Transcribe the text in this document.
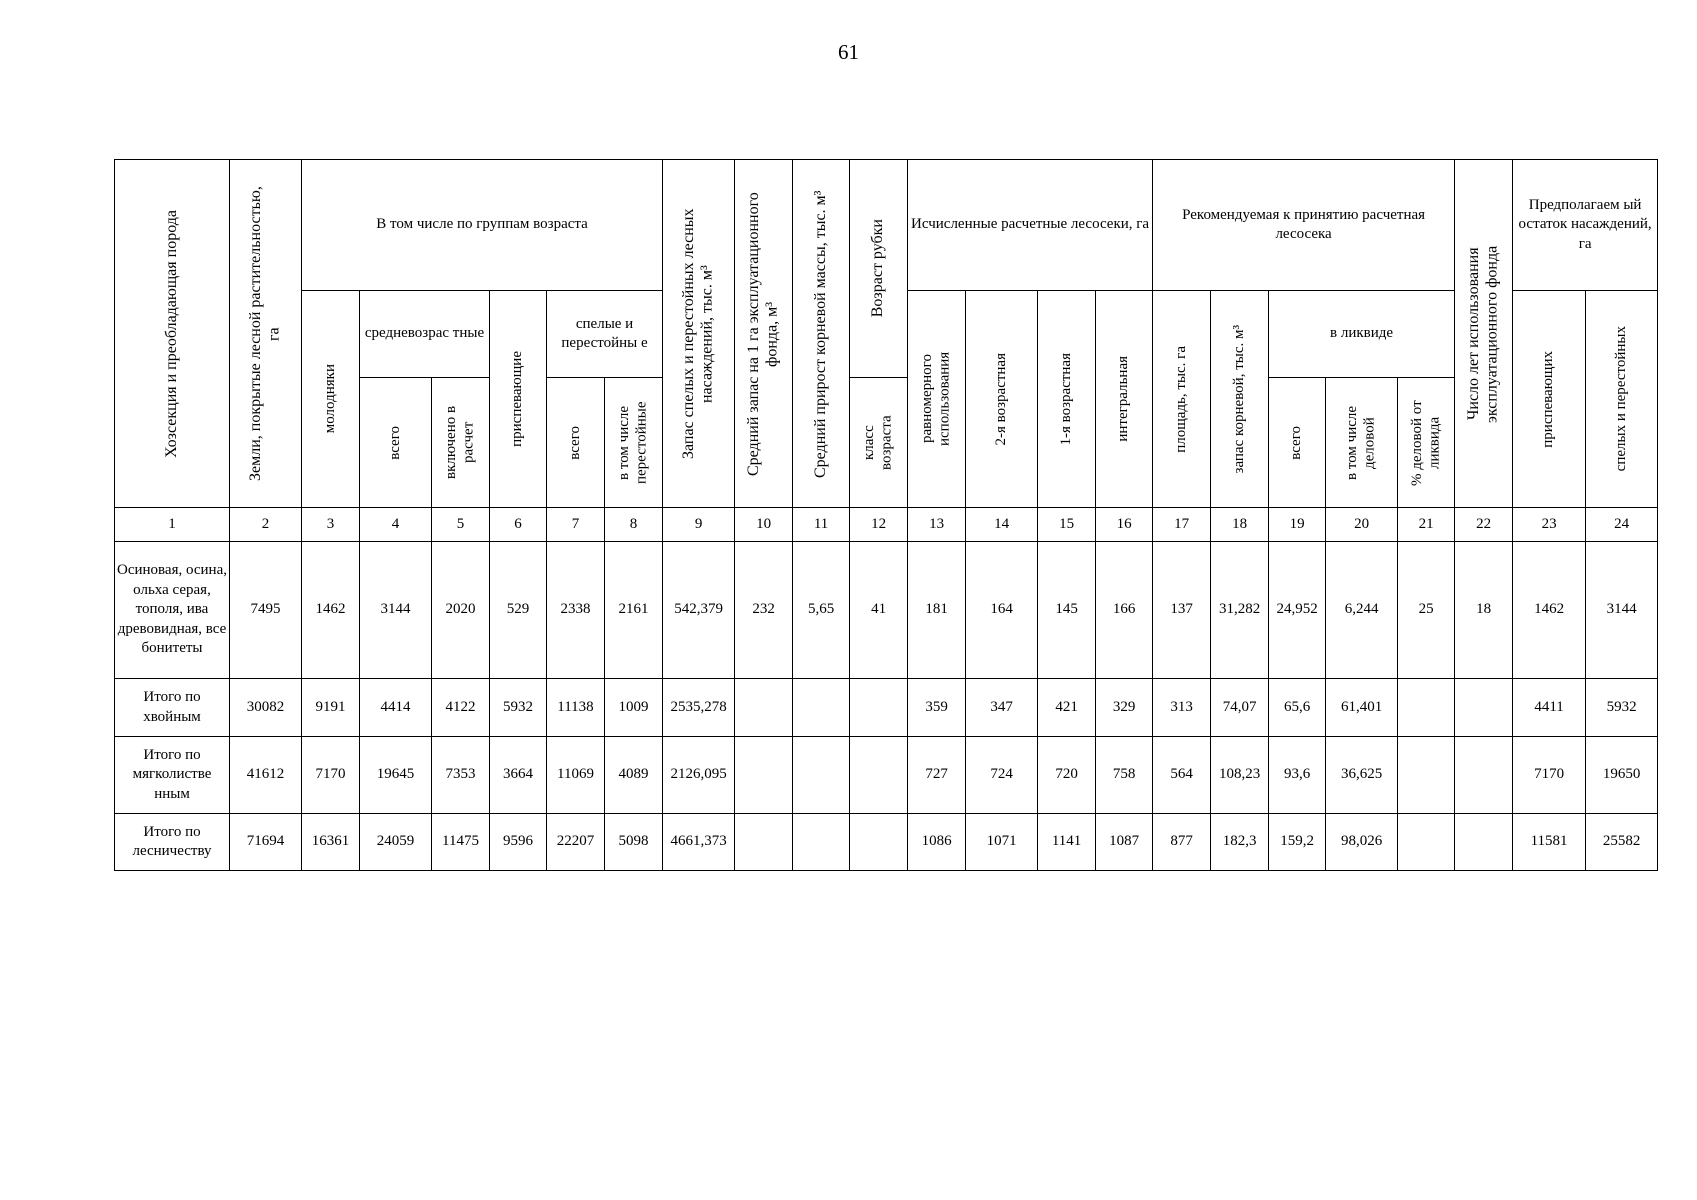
61
Хозсекция и преобладающая порода	Земли, покрытые лесной растительностью, га	В том числе по группам возраста						Запас спелых и перестойных лесных насаждений, тыс. м³	Средний запас на 1 га эксплуатационного фонда, м³	Средний прирост корневой массы, тыс. м³	Возраст рубки	Исчисленные расчетные лесосеки, га				Рекомендуемая к принятию расчетная лесосека					Число лет использования эксплуатационного фонда	Предполагаем ый остаток насаждений, га	

		молодняки	средневозрас тные		приспевающие	спелые и перестойны е						равномерного использования	2-я возрастная	1-я возрастная	интегральная	площадь, тыс. га	запас корневой, тыс. м³	в ликвиде				приспевающих	спелых и перестойных

			всего	включено в расчет		всего	в том числе перестойные				класс возраста							всего	в том числе деловой	% деловой от ликвида			

1	2	3	4	5	6	7	8	9	10	11	12	13	14	15	16	17	18	19	20	21	22	23	24
Осиновая, осина, ольха серая, тополя, ива древовидная, все бонитеты	7495	1462	3144	2020	529	2338	2161	542,379	232	5,65	41	181	164	145	166	137	31,282	24,952	6,244	25	18	1462	3144
Итого по хвойным	30082	9191	4414	4122	5932	11138	1009	2535,278				359	347	421	329	313	74,07	65,6	61,401			4411	5932
Итого по мягколистве нным	41612	7170	19645	7353	3664	11069	4089	2126,095				727	724	720	758	564	108,23	93,6	36,625			7170	19650
Итого по лесничеству	71694	16361	24059	11475	9596	22207	5098	4661,373				1086	1071	1141	1087	877	182,3	159,2	98,026			11581	25582
